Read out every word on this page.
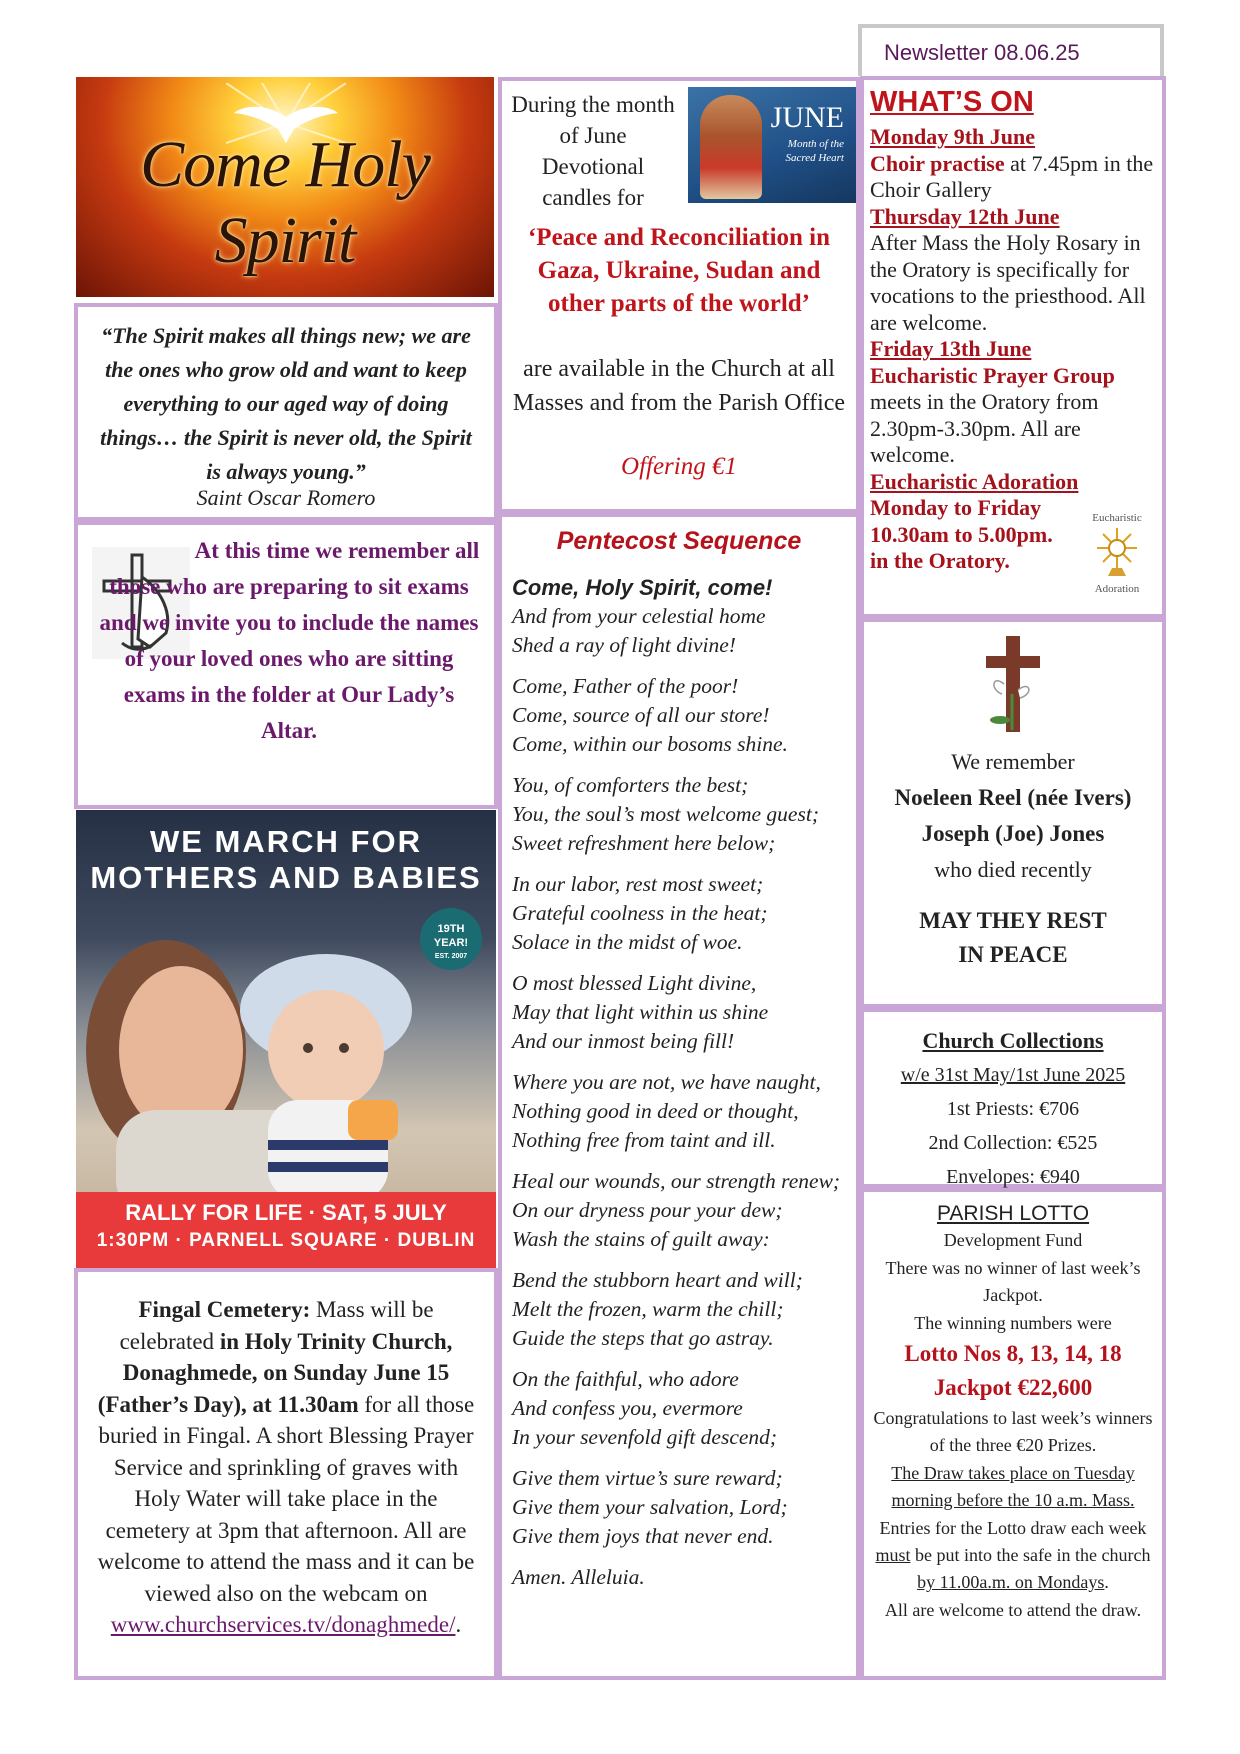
Newsletter 08.06.25
Come Holy Spirit
“The Spirit makes all things new; we are the ones who grow old and want to keep everything to our aged way of doing things… the Spirit is never old, the Spirit is always young.”
Saint Oscar Romero
At this time we remember all those who are preparing to sit exams and we invite you to include the names of your loved ones who are sitting exams in the folder at Our Lady’s Altar.
WE MARCH FOR
MOTHERS AND BABIES
19TH
YEAR!
EST. 2007
RALLY FOR LIFE · SAT, 5 JULY
1:30PM · PARNELL SQUARE · DUBLIN
Fingal Cemetery: Mass will be celebrated in Holy Trinity Church, Donaghmede, on Sunday June 15 (Father’s Day), at 11.30am for all those buried in Fingal. A short Blessing Prayer Service and sprinkling of graves with Holy Water will take place in the cemetery at 3pm that afternoon. All are welcome to attend the mass and it can be viewed also on the webcam on www.churchservices.tv/donaghmede/.
During the month of June Devotional candles for
JUNE
Month of the
Sacred Heart
‘Peace and Reconciliation in Gaza, Ukraine, Sudan and other parts of the world’
are available in the Church at all Masses and from the Parish Office
Offering €1
Pentecost Sequence
Come, Holy Spirit, come!
And from your celestial home
Shed a ray of light divine!
Come, Father of the poor!
Come, source of all our store!
Come, within our bosoms shine.
You, of comforters the best;
You, the soul’s most welcome guest;
Sweet refreshment here below;
In our labor, rest most sweet;
Grateful coolness in the heat;
Solace in the midst of woe.
O most blessed Light divine,
May that light within us shine
And our inmost being fill!
Where you are not, we have naught,
Nothing good in deed or thought,
Nothing free from taint and ill.
Heal our wounds, our strength renew;
On our dryness pour your dew;
Wash the stains of guilt away:
Bend the stubborn heart and will;
Melt the frozen, warm the chill;
Guide the steps that go astray.
On the faithful, who adore
And confess you, evermore
In your sevenfold gift descend;
Give them virtue’s sure reward;
Give them your salvation, Lord;
Give them joys that never end.
Amen. Alleluia.
WHAT’S ON
Monday 9th June
Choir practise at 7.45pm in the Choir Gallery
Thursday 12th June
After Mass the Holy Rosary in the Oratory is specifically for vocations to the priesthood. All are welcome.
Friday 13th June
Eucharistic Prayer Group meets in the Oratory from 2.30pm-3.30pm. All are welcome.
Eucharistic Adoration
Monday to Friday 10.30am to 5.00pm. in the Oratory.
Eucharistic
Adoration
We remember
Noeleen Reel (née Ivers)
Joseph (Joe) Jones
who died recently
MAY THEY REST
IN PEACE
Church Collections
w/e 31st May/1st June 2025
1st Priests: €706
2nd Collection: €525
Envelopes: €940
PARISH LOTTO
Development Fund
There was no winner of last week’s Jackpot.
The winning numbers were
Lotto Nos 8, 13, 14, 18
Jackpot €22,600
Congratulations to last week’s winners of the three €20 Prizes.
The Draw takes place on Tuesday morning before the 10 a.m. Mass. Entries for the Lotto draw each week must be put into the safe in the church by 11.00a.m. on Mondays.
All are welcome to attend the draw.
